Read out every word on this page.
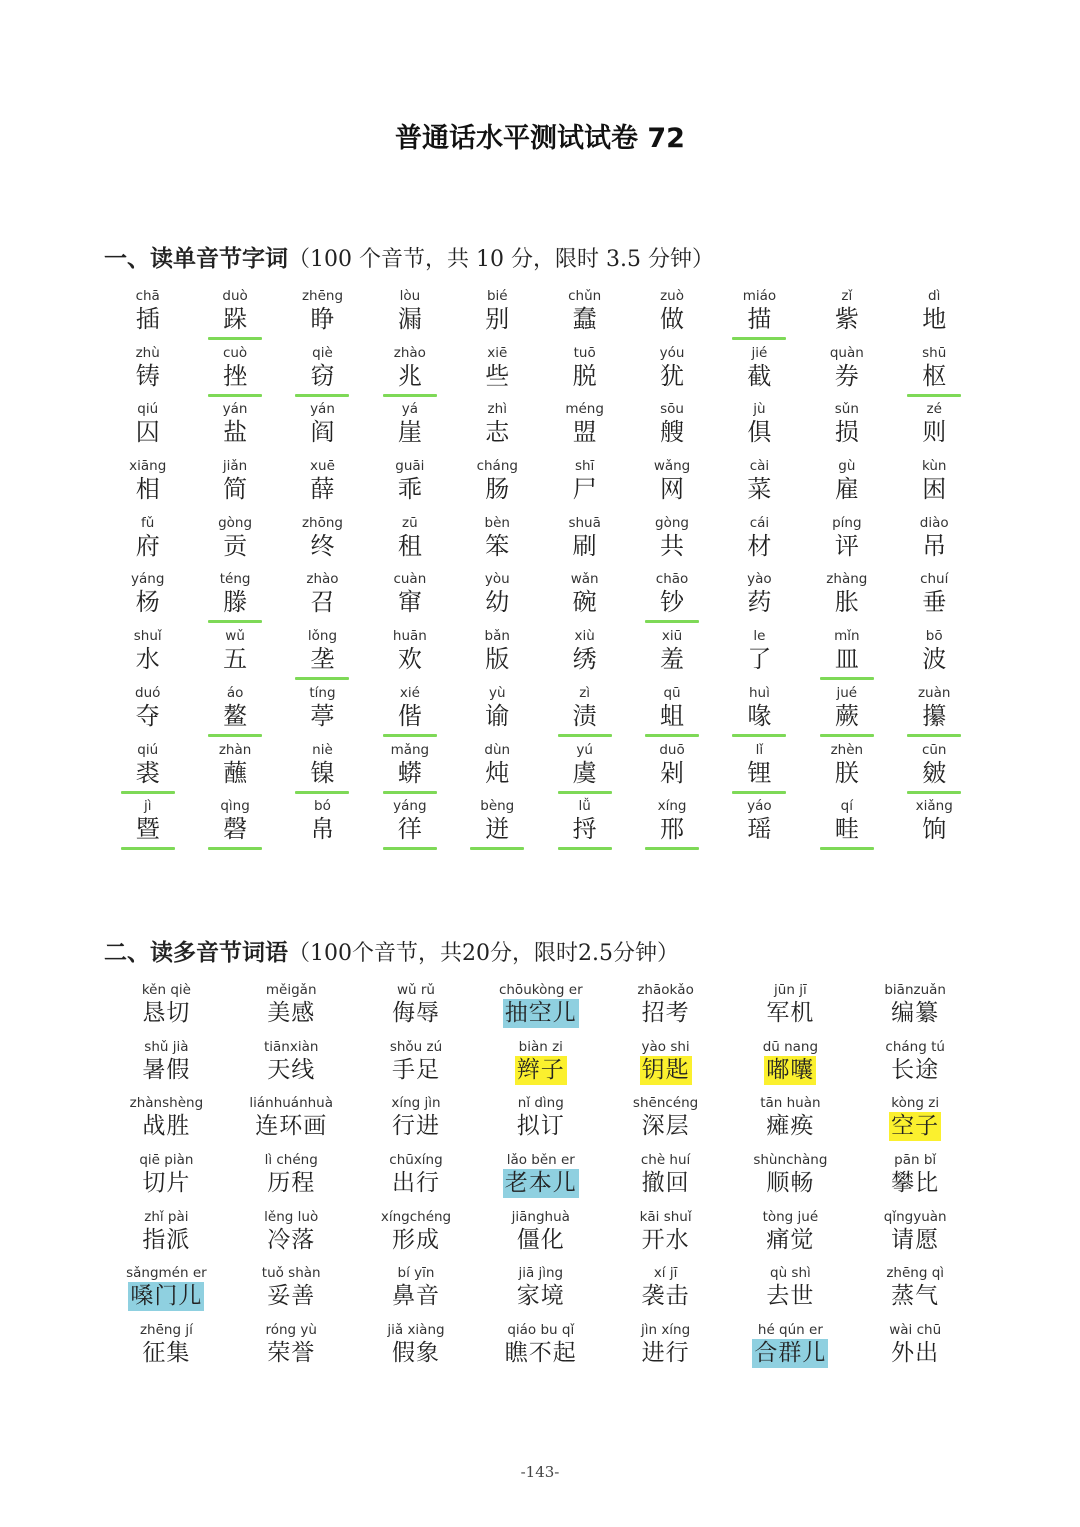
普通话水平测试试卷 72
一、读单音节字词（100 个音节，共 10 分，限时 3.5 分钟）
chā
插
duò
跺
zhēng
睁
lòu
漏
bié
别
chǔn
蠢
zuò
做
miáo
描
zǐ
紫
dì
地
zhù
铸
cuò
挫
qiè
窃
zhào
兆
xiē
些
tuō
脱
yóu
犹
jié
截
quàn
券
shū
枢
qiú
囚
yán
盐
yán
阎
yá
崖
zhì
志
méng
盟
sōu
艘
jù
俱
sǔn
损
zé
则
xiāng
相
jiǎn
简
xuē
薛
guāi
乖
cháng
肠
shī
尸
wǎng
网
cài
菜
gù
雇
kùn
困
fǔ
府
gòng
贡
zhōng
终
zū
租
bèn
笨
shuā
刷
gòng
共
cái
材
píng
评
diào
吊
yáng
杨
téng
滕
zhào
召
cuàn
窜
yòu
幼
wǎn
碗
chāo
钞
yào
药
zhàng
胀
chuí
垂
shuǐ
水
wǔ
五
lǒng
垄
huān
欢
bǎn
版
xiù
绣
xiū
羞
le
了
mǐn
皿
bō
波
duó
夺
áo
鳌
tíng
葶
xié
偕
yù
谕
zì
渍
qū
蛆
huì
喙
jué
蕨
zuàn
攥
qiú
裘
zhàn
蘸
niè
镍
mǎng
蟒
dùn
炖
yú
虞
duō
剁
lǐ
锂
zhèn
朕
cūn
皴
jì
暨
qìng
磬
bó
帛
yáng
徉
bèng
迸
lǚ
捋
xíng
邢
yáo
瑶
qí
畦
xiǎng
饷
二、读多音节词语（100个音节，共20分，限时2.5分钟）
kěn qiè
恳切
měigǎn
美感
wǔ rǔ
侮辱
chōukòng er
抽空儿
zhāokǎo
招考
jūn jī
军机
biānzuǎn
编纂
shǔ jià
暑假
tiānxiàn
天线
shǒu zú
手足
biàn zi
辫子
yào shi
钥匙
dū nang
嘟囔
cháng tú
长途
zhànshèng
战胜
liánhuánhuà
连环画
xíng jìn
行进
nǐ dìng
拟订
shēncéng
深层
tān huàn
瘫痪
kòng zi
空子
qiē piàn
切片
lì chéng
历程
chūxíng
出行
lǎo běn er
老本儿
chè huí
撤回
shùnchàng
顺畅
pān bǐ
攀比
zhǐ pài
指派
lěng luò
冷落
xíngchéng
形成
jiānghuà
僵化
kāi shuǐ
开水
tòng jué
痛觉
qǐngyuàn
请愿
sǎngmén er
嗓门儿
tuǒ shàn
妥善
bí yīn
鼻音
jiā jìng
家境
xí jī
袭击
qù shì
去世
zhēng qì
蒸气
zhēng jí
征集
róng yù
荣誉
jiǎ xiàng
假象
qiáo bu qǐ
瞧不起
jìn xíng
进行
hé qún er
合群儿
wài chū
外出
-143-
